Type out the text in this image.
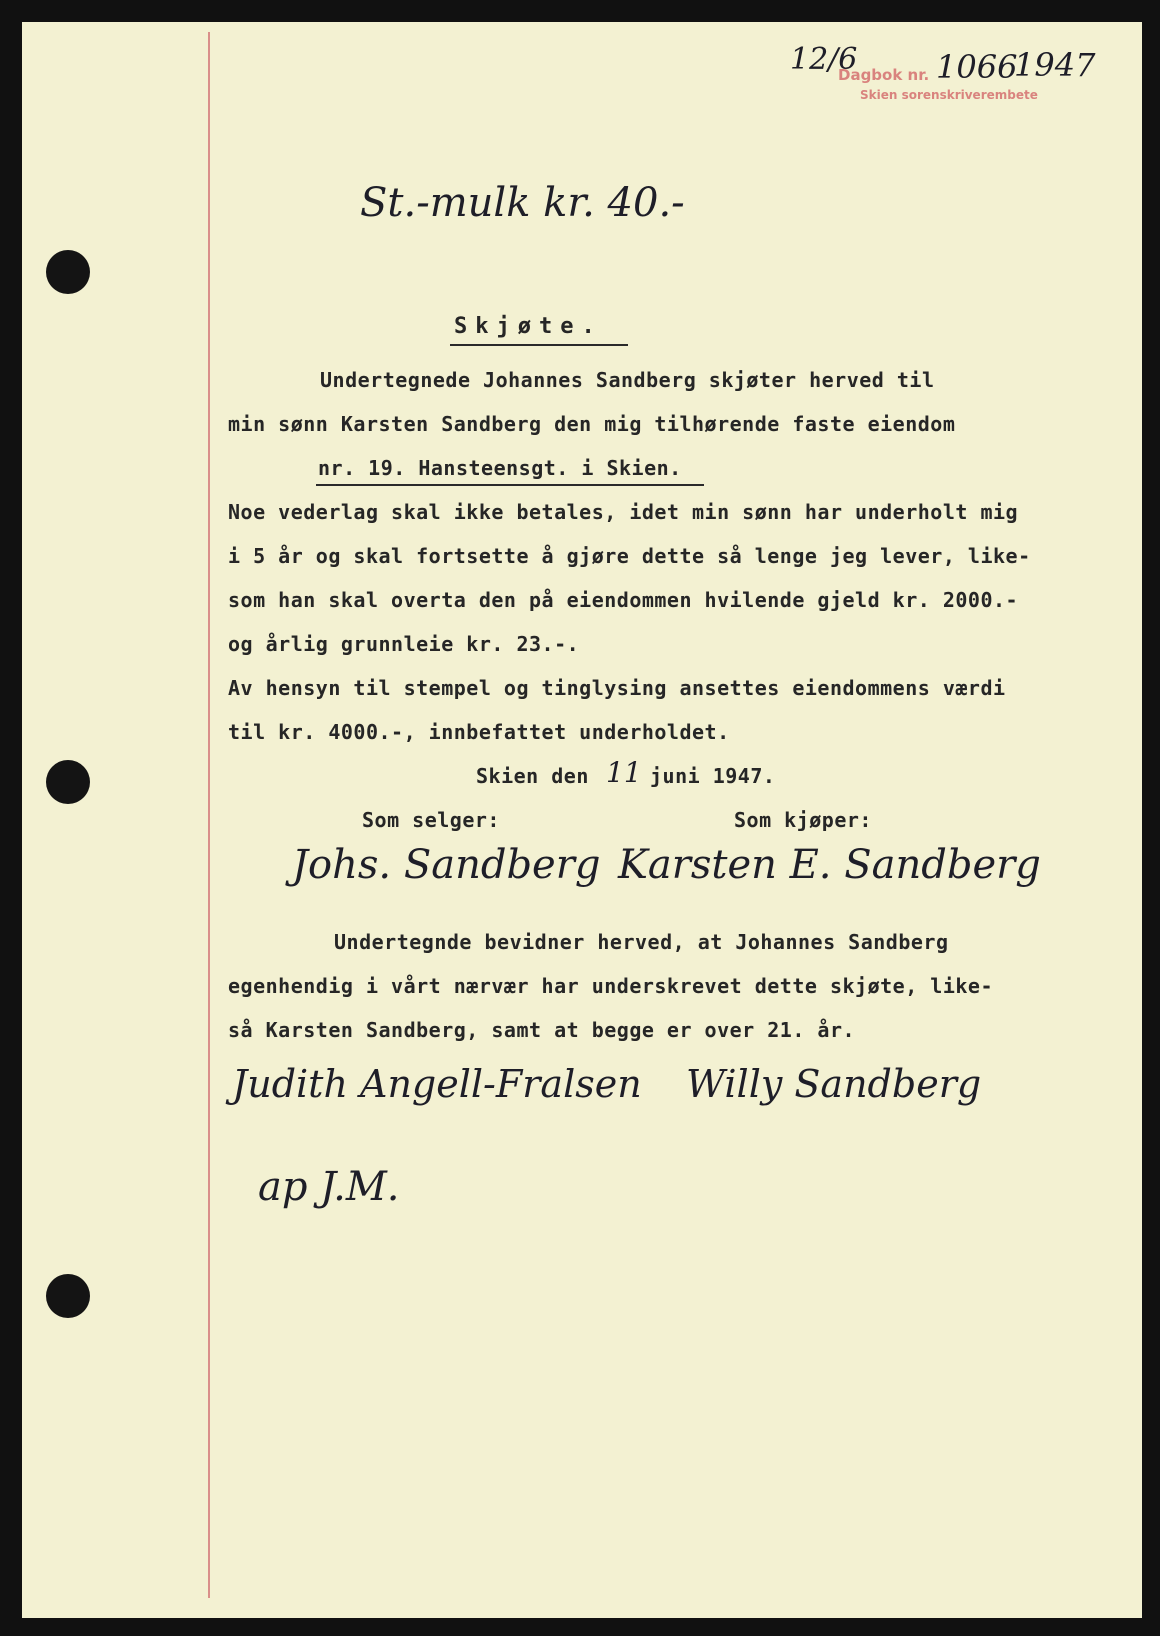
12/6
Dagbok nr. 1066
1947
Skien sorenskriverembete
St.-mulk kr. 40.-
Skjøte.
Undertegnede Johannes Sandberg skjøter herved til
min sønn Karsten Sandberg den mig tilhørende faste eiendom
nr. 19. Hansteensgt. i Skien.
Noe vederlag skal ikke betales, idet min sønn har underholt mig
i 5 år og skal fortsette å gjøre dette så lenge jeg lever, like-
som han skal overta den på eiendommen hvilende gjeld kr. 2000.-
og årlig grunnleie kr. 23.-.
Av hensyn til stempel og tinglysing ansettes eiendommens værdi
til kr. 4000.-, innbefattet underholdet.
Skien den 11 juni 1947.
Som selger:	Som kjøper:
Johs. Sandberg Karsten E. Sandberg
Undertegnde bevidner herved, at Johannes Sandberg
egenhendig i vårt nærvær har underskrevet dette skjøte, like-
så Karsten Sandberg, samt at begge er over 21. år.
Judith Angell-Fralsen Willy Sandberg
ap J.M.
